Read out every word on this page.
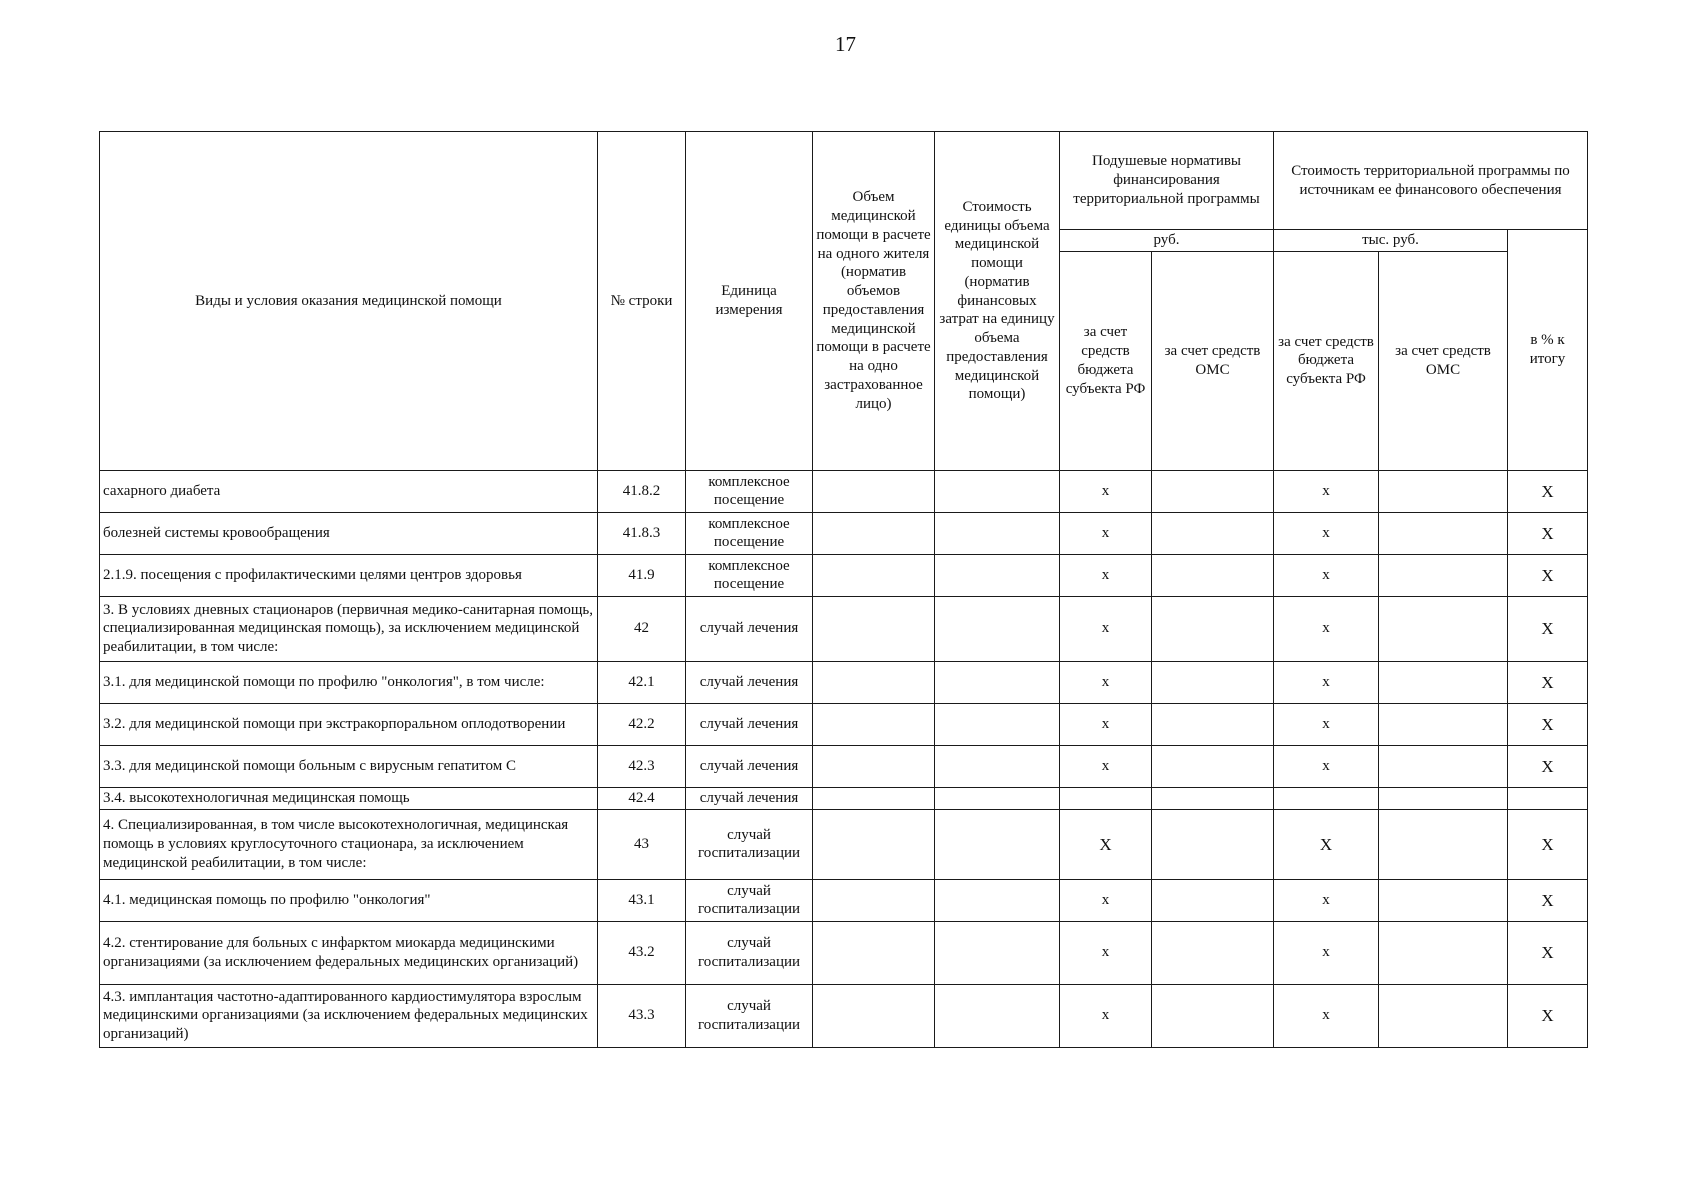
17
Виды и условия оказания медицинской помощи	№ строки	Единица измерения	Объем медицинской помощи в расчете на одного жителя (норматив объемов предоставления медицинской помощи в расчете на одно застрахованное лицо)	Стоимость единицы объема медицинской помощи (норматив финансовых затрат на единицу объема предоставления медицинской помощи)	Подушевые нормативы финансирования территориальной программы		Стоимость территориальной программы по источникам ее финансового обеспечения		
					руб.		тыс. руб.		в % к итогу
					за счет средств бюджета субъекта РФ	за счет средств ОМС	за счет средств бюджета субъекта РФ	за счет средств ОМС	
сахарного диабета	41.8.2	комплексное посещение			x		x		X
болезней системы кровообращения	41.8.3	комплексное посещение			x		x		X
2.1.9. посещения с профилактическими целями центров здоровья	41.9	комплексное посещение			x		x		X
3. В условиях дневных стационаров (первичная медико-санитарная помощь, специализированная медицинская помощь), за исключением медицинской реабилитации, в том числе:	42	случай лечения			x		x		X
3.1. для медицинской помощи по профилю "онкология", в том числе:	42.1	случай лечения			x		x		X
3.2. для медицинской помощи при экстракорпоральном оплодотворении	42.2	случай лечения			x		x		X
3.3. для медицинской помощи больным с вирусным гепатитом С	42.3	случай лечения			x		x		X
3.4. высокотехнологичная медицинская помощь	42.4	случай лечения							
4. Специализированная, в том числе высокотехнологичная, медицинская помощь в условиях круглосуточного стационара, за исключением медицинской реабилитации, в том числе:	43	случай госпитализации			X		X		X
4.1. медицинская помощь по профилю "онкология"	43.1	случай госпитализации			x		x		X
4.2. стентирование для больных с инфарктом миокарда медицинскими организациями (за исключением федеральных медицинских организаций)	43.2	случай госпитализации			x		x		X
4.3. имплантация частотно-адаптированного кардиостимулятора взрослым медицинскими организациями (за исключением федеральных медицинских организаций)	43.3	случай госпитализации			x		x		X
